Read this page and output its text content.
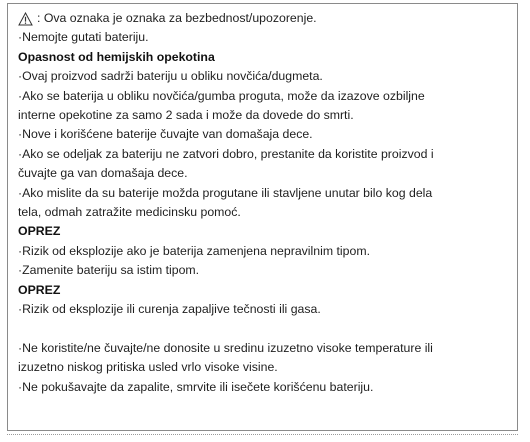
: Ova oznaka je oznaka za bezbednost/upozorenje.
·Nemojte gutati bateriju.
Opasnost od hemijskih opekotina
·Ovaj proizvod sadrži bateriju u obliku novčića/dugmeta.
·Ako se baterija u obliku novčića/gumba proguta, može da izazove ozbiljne
interne opekotine za samo 2 sada i može da dovede do smrti.
·Nove i korišćene baterije čuvajte van domašaja dece.
·Ako se odeljak za bateriju ne zatvori dobro, prestanite da koristite proizvod i
čuvajte ga van domašaja dece.
·Ako mislite da su baterije možda progutane ili stavljene unutar bilo kog dela
tela, odmah zatražite medicinsku pomoć.
OPREZ
·Rizik od eksplozije ako je baterija zamenjena nepravilnim tipom.
·Zamenite bateriju sa istim tipom.
OPREZ
·Rizik od eksplozije ili curenja zapaljive tečnosti ili gasa.
·Ne koristite/ne čuvajte/ne donosite u sredinu izuzetno visoke temperature ili
izuzetno niskog pritiska usled vrlo visoke visine.
·Ne pokušavajte da zapalite, smrvite ili isečete korišćenu bateriju.
